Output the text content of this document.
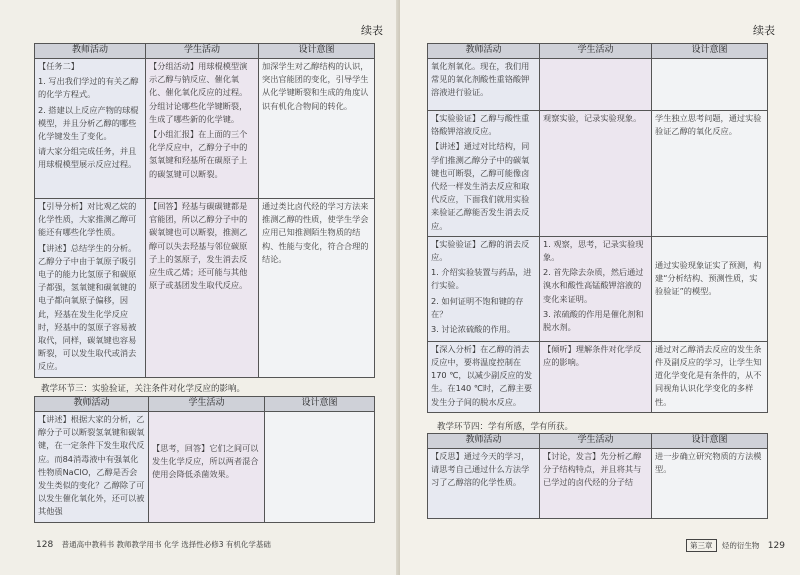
续表
教师活动	学生活动	设计意图

【任务二】
1. 写出我们学过的有关乙醇的化学方程式。
2. 搭建以上反应产物的球棍模型，并且分析乙醇的哪些化学键发生了变化。
请大家分组完成任务，并且用球棍模型展示反应过程。	【分组活动】用球棍模型演示乙醇与钠反应、催化氧化、催化氧化反应的过程。分组讨论哪些化学键断裂，生成了哪些新的化学键。
【小组汇报】在上面的三个化学反应中，乙醇分子中的氢氧键和羟基所在碳原子上的碳氢键可以断裂。	加深学生对乙醇结构的认识，突出官能团的变化，引导学生从化学键断裂和生成的角度认识有机化合物间的转化。

【引导分析】对比观乙烷的化学性质，大家推测乙醇可能还有哪些化学性质。
【讲述】总结学生的分析。乙醇分子中由于氧原子吸引电子的能力比氢原子和碳原子都强，氢氧键和碳氧键的电子都向氧原子偏移，因此，羟基在发生化学反应时，羟基中的氢原子容易被取代，同样，碳氧键也容易断裂，可以发生取代或消去反应。	【回答】羟基与碳碳键都是官能团，所以乙醇分子中的碳氧键也可以断裂，推测乙醇可以失去羟基与邻位碳原子上的氢原子，发生消去反应生成乙烯；还可能与其他原子或基团发生取代反应。	通过类比卤代烃的学习方法来推测乙醇的性质，使学生学会应用已知推测陌生物质的结构、性能与变化，符合合理的结论。
教学环节三：实验验证，关注条件对化学反应的影响。
教师活动	学生活动	设计意图

【讲述】根据大家的分析，乙醇分子可以断裂氢氧键和碳氧键，在一定条件下发生取代反应。而84消毒液中有强氧化性物质NaClO，乙醇是否会发生类似的变化？乙醇除了可以发生催化氧化外，还可以被其他强	【思考，回答】它们之间可以发生化学反应，所以两者混合使用会降低杀菌效果。	

128 普通高中教科书 教师教学用书 化学 选择性必修3 有机化学基础
续表
教师活动	学生活动	设计意图

氧化剂氧化。现在，我们用常见的氧化剂酸性重铬酸钾溶液进行验证。		

【实验验证】乙醇与酸性重铬酸钾溶液反应。
【讲述】通过对比结构，同学们推测乙醇分子中的碳氧键也可断裂，乙醇可能像卤代烃一样发生消去反应和取代反应，下面我们就用实验来验证乙醇能否发生消去反应。	观察实验，记录实验现象。	学生独立思考问题，通过实验验证乙醇的氧化反应。

【实验验证】乙醇的消去反应。
1. 介绍实验装置与药品，进行实验。
2. 如何证明不饱和键的存在？
3. 讨论浓硫酸的作用。	1. 观察，思考，记录实验现象。
2. 首先除去杂质，然后通过溴水和酸性高锰酸钾溶液的变化来证明。
3. 浓硫酸的作用是催化剂和脱水剂。	通过实验现象证实了预测，构建“分析结构、预测性质，实验验证”的模型。

【深入分析】在乙醇的消去反应中，要将温度控制在170 ℃，以减少副反应的发生。在140 ℃时，乙醇主要发生分子间的脱水反应。	【倾听】理解条件对化学反应的影响。	通过对乙醇消去反应的发生条件及副反应的学习，让学生知道化学变化是有条件的，从不同视角认识化学变化的多样性。
教学环节四：学有所感，学有所获。
教师活动	学生活动	设计意图

【反思】通过今天的学习，请思考自己通过什么方法学习了乙醇溶的化学性质。	【讨论，发言】先分析乙醇分子结构特点，并且将其与已学过的卤代烃的分子结	进一步确立研究物质的方法模型。
第三章 烃的衍生物 129
